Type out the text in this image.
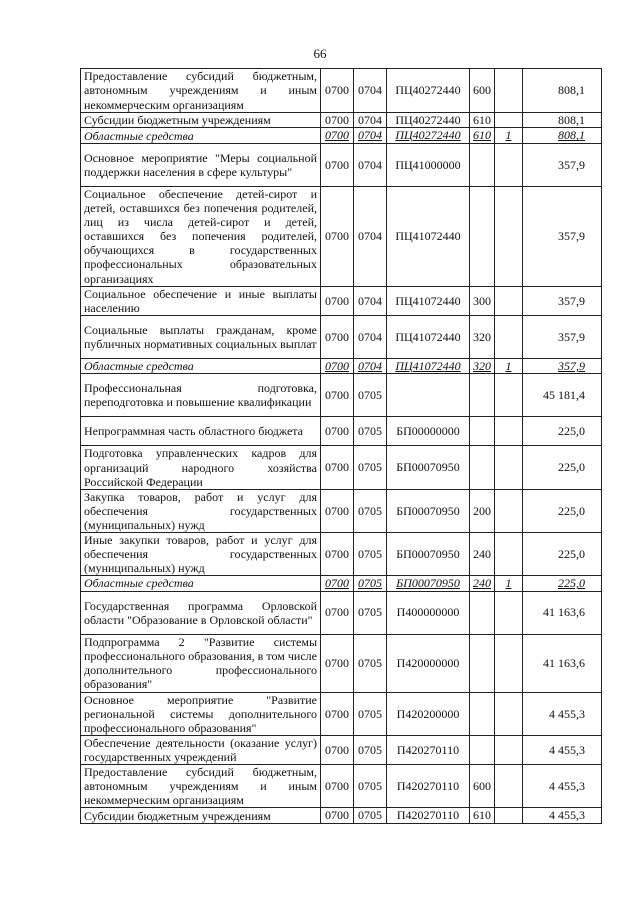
66
Предоставление субсидий бюджетным, автономным учреждениям и иным некоммерческим организациям	0700	0704	ПЦ40272440	600		808,1
Субсидии бюджетным учреждениям	0700	0704	ПЦ40272440	610		808,1
Областные средства	0700	0704	ПЦ40272440	610	1	808,1
Основное мероприятие "Меры социальной поддержки населения в сфере культуры"	0700	0704	ПЦ41000000			357,9
Социальное обеспечение детей-сирот и детей, оставшихся без попечения родителей, лиц из числа детей-сирот и детей, оставшихся без попечения родителей, обучающихся в государственных профессиональных образовательных организациях	0700	0704	ПЦ41072440			357,9
Социальное обеспечение и иные выплаты населению	0700	0704	ПЦ41072440	300		357,9
Социальные выплаты гражданам, кроме публичных нормативных социальных выплат	0700	0704	ПЦ41072440	320		357,9
Областные средства	0700	0704	ПЦ41072440	320	1	357,9
Профессиональная подготовка, переподготовка и повышение квалификации	0700	0705				45 181,4
Непрограммная часть областного бюджета	0700	0705	БП00000000			225,0
Подготовка управленческих кадров для организаций народного хозяйства Российской Федерации	0700	0705	БП00070950			225,0
Закупка товаров, работ и услуг для обеспечения государственных (муниципальных) нужд	0700	0705	БП00070950	200		225,0
Иные закупки товаров, работ и услуг для обеспечения государственных (муниципальных) нужд	0700	0705	БП00070950	240		225,0
Областные средства	0700	0705	БП00070950	240	1	225,0
Государственная программа Орловской области "Образование в Орловской области"	0700	0705	П400000000			41 163,6
Подпрограмма 2 "Развитие системы профессионального образования, в том числе дополнительного профессионального образования"	0700	0705	П420000000			41 163,6
Основное мероприятие "Развитие региональной системы дополнительного профессионального образования"	0700	0705	П420200000			4 455,3
Обеспечение деятельности (оказание услуг) государственных учреждений	0700	0705	П420270110			4 455,3
Предоставление субсидий бюджетным, автономным учреждениям и иным некоммерческим организациям	0700	0705	П420270110	600		4 455,3
Субсидии бюджетным учреждениям	0700	0705	П420270110	610		4 455,3
